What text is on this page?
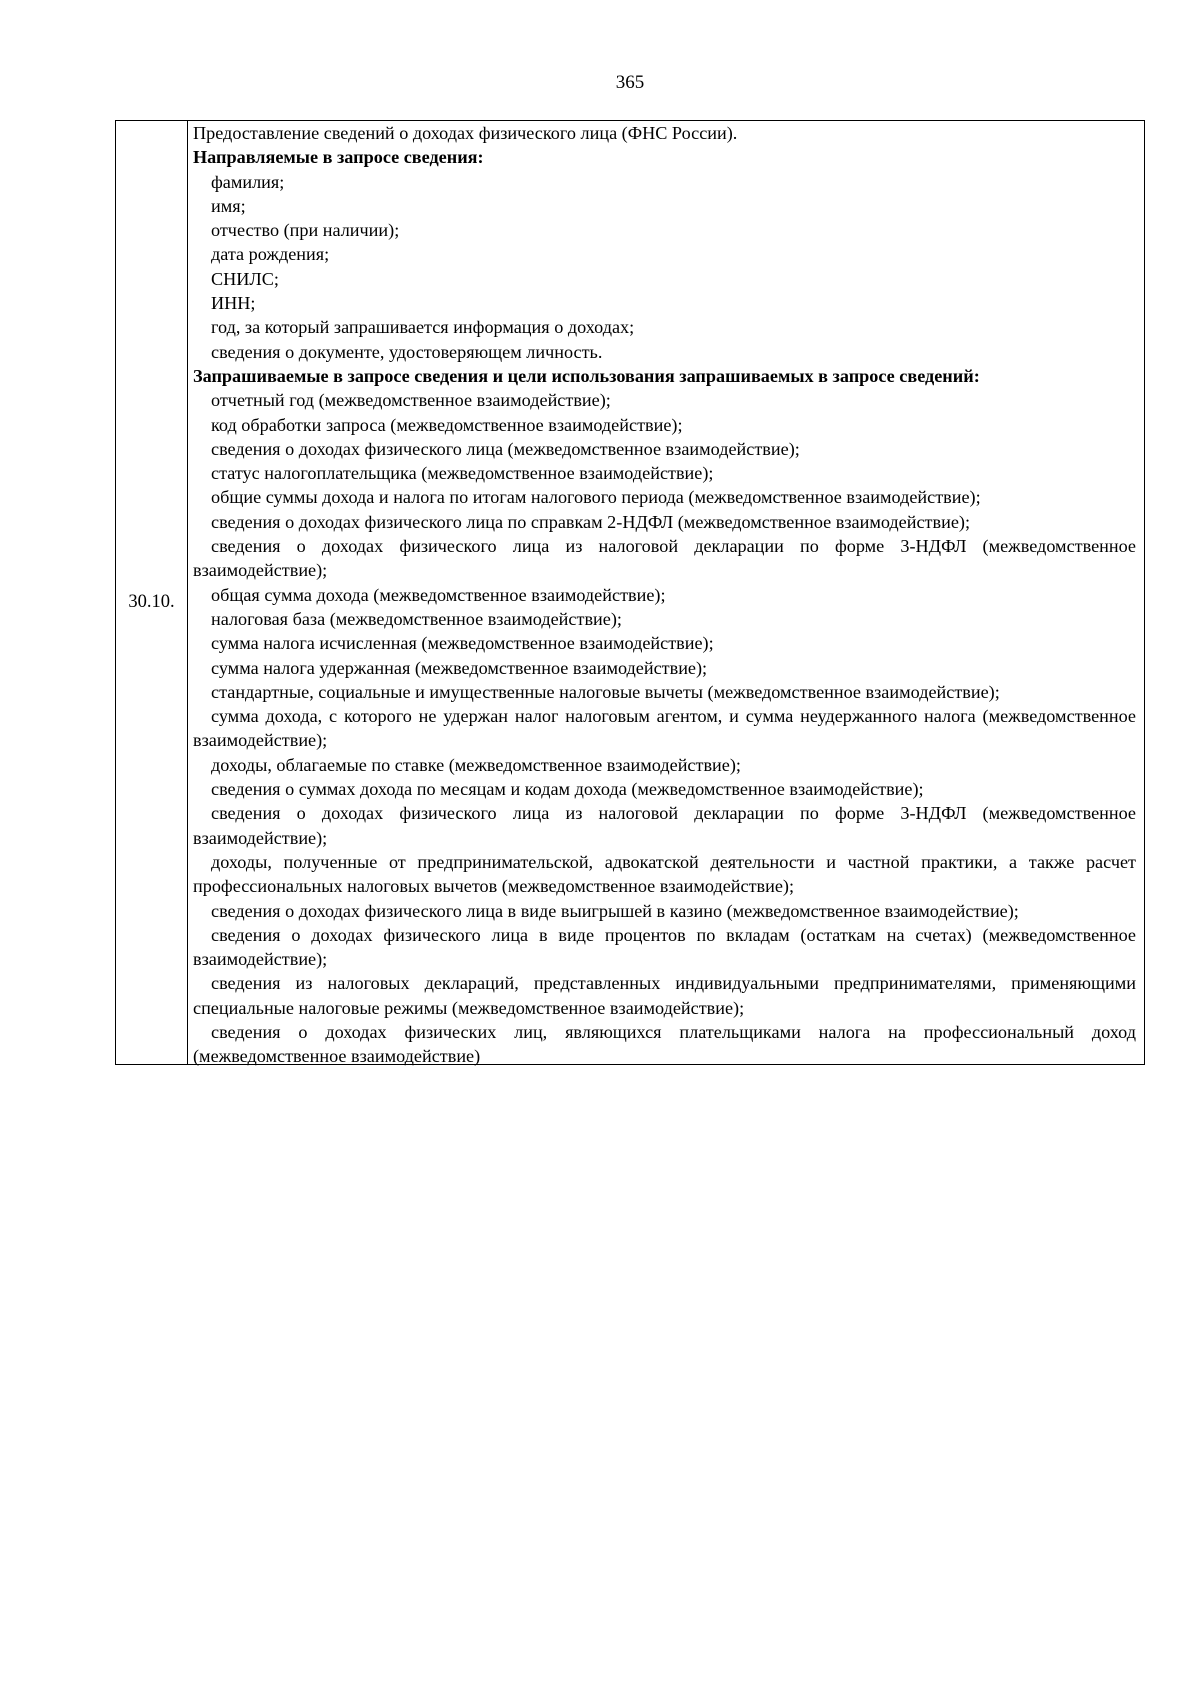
365
30.10.
Предоставление сведений о доходах физического лица (ФНС России).
Направляемые в запросе сведения:
фамилия;
имя;
отчество (при наличии);
дата рождения;
СНИЛС;
ИНН;
год, за который запрашивается информация о доходах;
сведения о документе, удостоверяющем личность.
Запрашиваемые в запросе сведения и цели использования запрашиваемых в запросе сведений:
отчетный год (межведомственное взаимодействие);
код обработки запроса (межведомственное взаимодействие);
сведения о доходах физического лица (межведомственное взаимодействие);
статус налогоплательщика (межведомственное взаимодействие);
общие суммы дохода и налога по итогам налогового периода (межведомственное взаимодействие);
сведения о доходах физического лица по справкам 2-НДФЛ (межведомственное взаимодействие);
сведения о доходах физического лица из налоговой декларации по форме 3-НДФЛ (межведомственное взаимодействие);
общая сумма дохода (межведомственное взаимодействие);
налоговая база (межведомственное взаимодействие);
сумма налога исчисленная (межведомственное взаимодействие);
сумма налога удержанная (межведомственное взаимодействие);
стандартные, социальные и имущественные налоговые вычеты (межведомственное взаимодействие);
сумма дохода, с которого не удержан налог налоговым агентом, и сумма неудержанного налога (межведомственное взаимодействие);
доходы, облагаемые по ставке (межведомственное взаимодействие);
сведения о суммах дохода по месяцам и кодам дохода (межведомственное взаимодействие);
сведения о доходах физического лица из налоговой декларации по форме 3-НДФЛ (межведомственное взаимодействие);
доходы, полученные от предпринимательской, адвокатской деятельности и частной практики, а также расчет профессиональных налоговых вычетов (межведомственное взаимодействие);
сведения о доходах физического лица в виде выигрышей в казино (межведомственное взаимодействие);
сведения о доходах физического лица в виде процентов по вкладам (остаткам на счетах) (межведомственное взаимодействие);
сведения из налоговых деклараций, представленных индивидуальными предпринимателями, применяющими специальные налоговые режимы (межведомственное взаимодействие);
сведения о доходах физических лиц, являющихся плательщиками налога на профессиональный доход (межведомственное взаимодействие)
